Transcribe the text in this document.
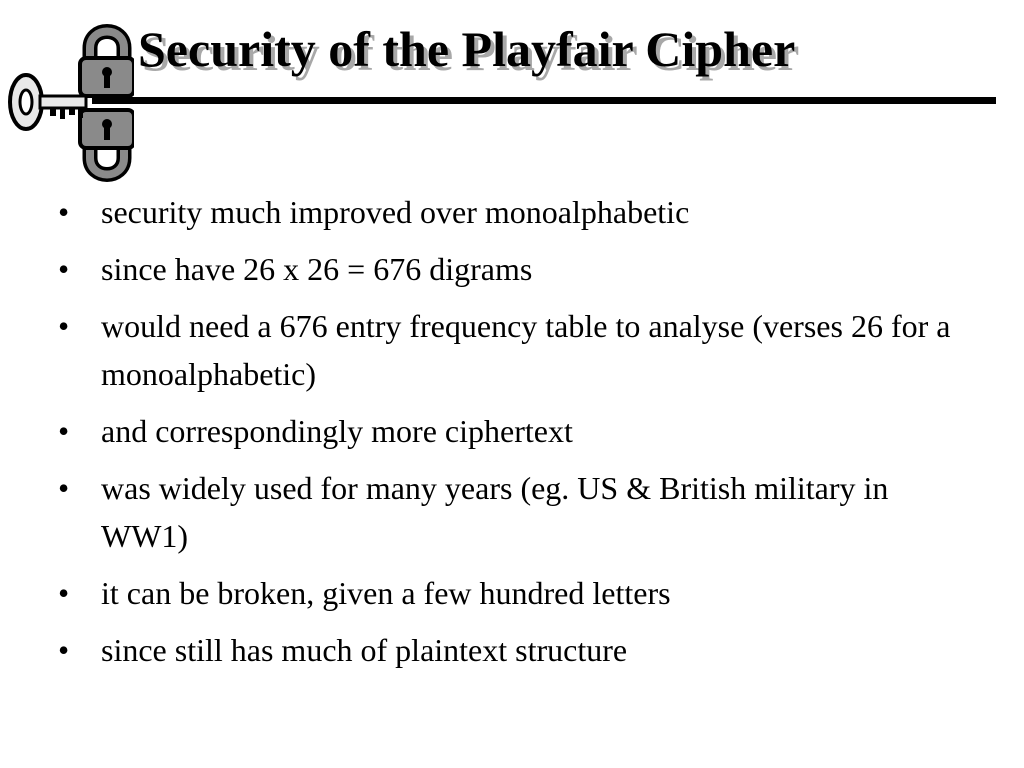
Security of the Playfair Cipher
• security much improved over monoalphabetic
• since have 26 x 26 = 676 digrams
• would need a 676 entry frequency table to analyse (verses 26 for a monoalphabetic)
• and correspondingly more ciphertext
• was widely used for many years (eg. US & British military in WW1)
• it can be broken, given a few hundred letters
• since still has much of plaintext structure
